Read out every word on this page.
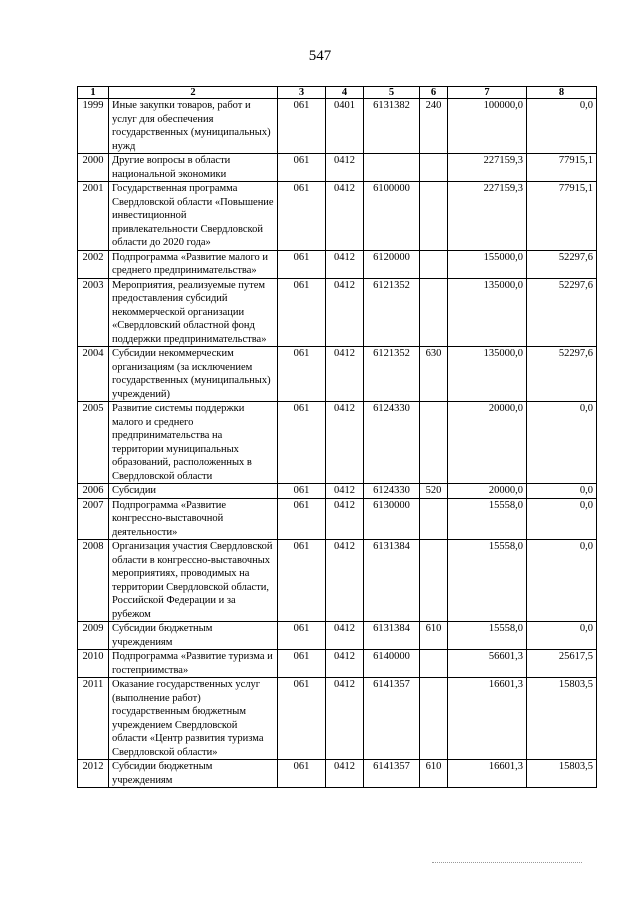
547
1	2	3	4	5	6	7	8
1999	Иные закупки товаров, работ и услуг для обеспечения государственных (муниципальных) нужд	061	0401	6131382	240	100000,0	0,0
2000	Другие вопросы в области национальной экономики	061	0412			227159,3	77915,1
2001	Государственная программа Свердловской области «Повышение инвестиционной привлекательности Свердловской области до 2020 года»	061	0412	6100000		227159,3	77915,1
2002	Подпрограмма «Развитие малого и среднего предпринимательства»	061	0412	6120000		155000,0	52297,6
2003	Мероприятия, реализуемые путем предоставления субсидий некоммерческой организации «Свердловский областной фонд поддержки предпринимательства»	061	0412	6121352		135000,0	52297,6
2004	Субсидии некоммерческим организациям (за исключением государственных (муниципальных) учреждений)	061	0412	6121352	630	135000,0	52297,6
2005	Развитие системы поддержки малого и среднего предпринимательства на территории муниципальных образований, расположенных в Свердловской области	061	0412	6124330		20000,0	0,0
2006	Субсидии	061	0412	6124330	520	20000,0	0,0
2007	Подпрограмма «Развитие конгрессно-выставочной деятельности»	061	0412	6130000		15558,0	0,0
2008	Организация участия Свердловской области в конгрессно-выставочных мероприятиях, проводимых на территории Свердловской области, Российской Федерации и за рубежом	061	0412	6131384		15558,0	0,0
2009	Субсидии бюджетным учреждениям	061	0412	6131384	610	15558,0	0,0
2010	Подпрограмма «Развитие туризма и гостеприимства»	061	0412	6140000		56601,3	25617,5
2011	Оказание государственных услуг (выполнение работ) государственным бюджетным учреждением Свердловской области «Центр развития туризма Свердловской области»	061	0412	6141357		16601,3	15803,5
2012	Субсидии бюджетным учреждениям	061	0412	6141357	610	16601,3	15803,5
